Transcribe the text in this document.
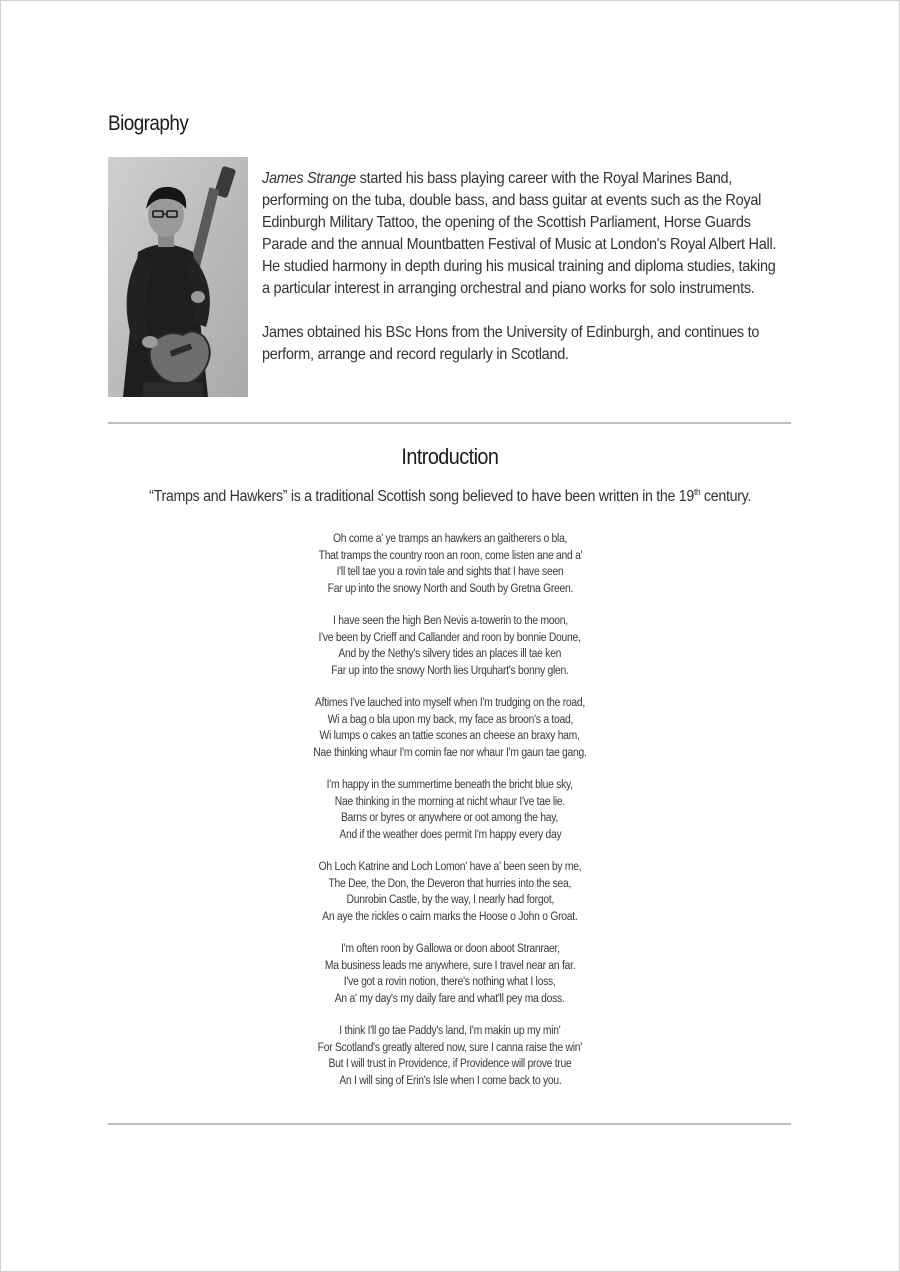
Biography

James Strange started his bass playing career with the Royal Marines Band, performing on the tuba, double bass, and bass guitar at events such as the Royal Edinburgh Military Tattoo, the opening of the Scottish Parliament, Horse Guards Parade and the annual Mountbatten Festival of Music at London's Royal Albert Hall. He studied harmony in depth during his musical training and diploma studies, taking a particular interest in arranging orchestral and piano works for solo instruments.

James obtained his BSc Hons from the University of Edinburgh, and continues to perform, arrange and record regularly in Scotland.

Introduction
“Tramps and Hawkers” is a traditional Scottish song believed to have been written in the 19th century.
Oh come a' ye tramps an hawkers an gaitherers o bla,
That tramps the country roon an roon, come listen ane and a'
I'll tell tae you a rovin tale and sights that I have seen
Far up into the snowy North and South by Gretna Green.
I have seen the high Ben Nevis a-towerin to the moon,
I've been by Crieff and Callander and roon by bonnie Doune,
And by the Nethy's silvery tides an places ill tae ken
Far up into the snowy North lies Urquhart's bonny glen.
Aftimes I've lauched into myself when I'm trudging on the road,
Wi a bag o bla upon my back, my face as broon's a toad,
Wi lumps o cakes an tattie scones an cheese an braxy ham,
Nae thinking whaur I'm comin fae nor whaur I'm gaun tae gang.
I'm happy in the summertime beneath the bricht blue sky,
Nae thinking in the morning at nicht whaur I've tae lie.
Barns or byres or anywhere or oot among the hay,
And if the weather does permit I'm happy every day
Oh Loch Katrine and Loch Lomon' have a' been seen by me,
The Dee, the Don, the Deveron that hurries into the sea,
Dunrobin Castle, by the way, I nearly had forgot,
An aye the rickles o cairn marks the Hoose o John o Groat.
I'm often roon by Gallowa or doon aboot Stranraer,
Ma business leads me anywhere, sure I travel near an far.
I've got a rovin notion, there's nothing what I loss,
An a' my day's my daily fare and what'll pey ma doss.
I think I'll go tae Paddy's land, I'm makin up my min'
For Scotland's greatly altered now, sure I canna raise the win'
But I will trust in Providence, if Providence will prove true
An I will sing of Erin's Isle when I come back to you.
